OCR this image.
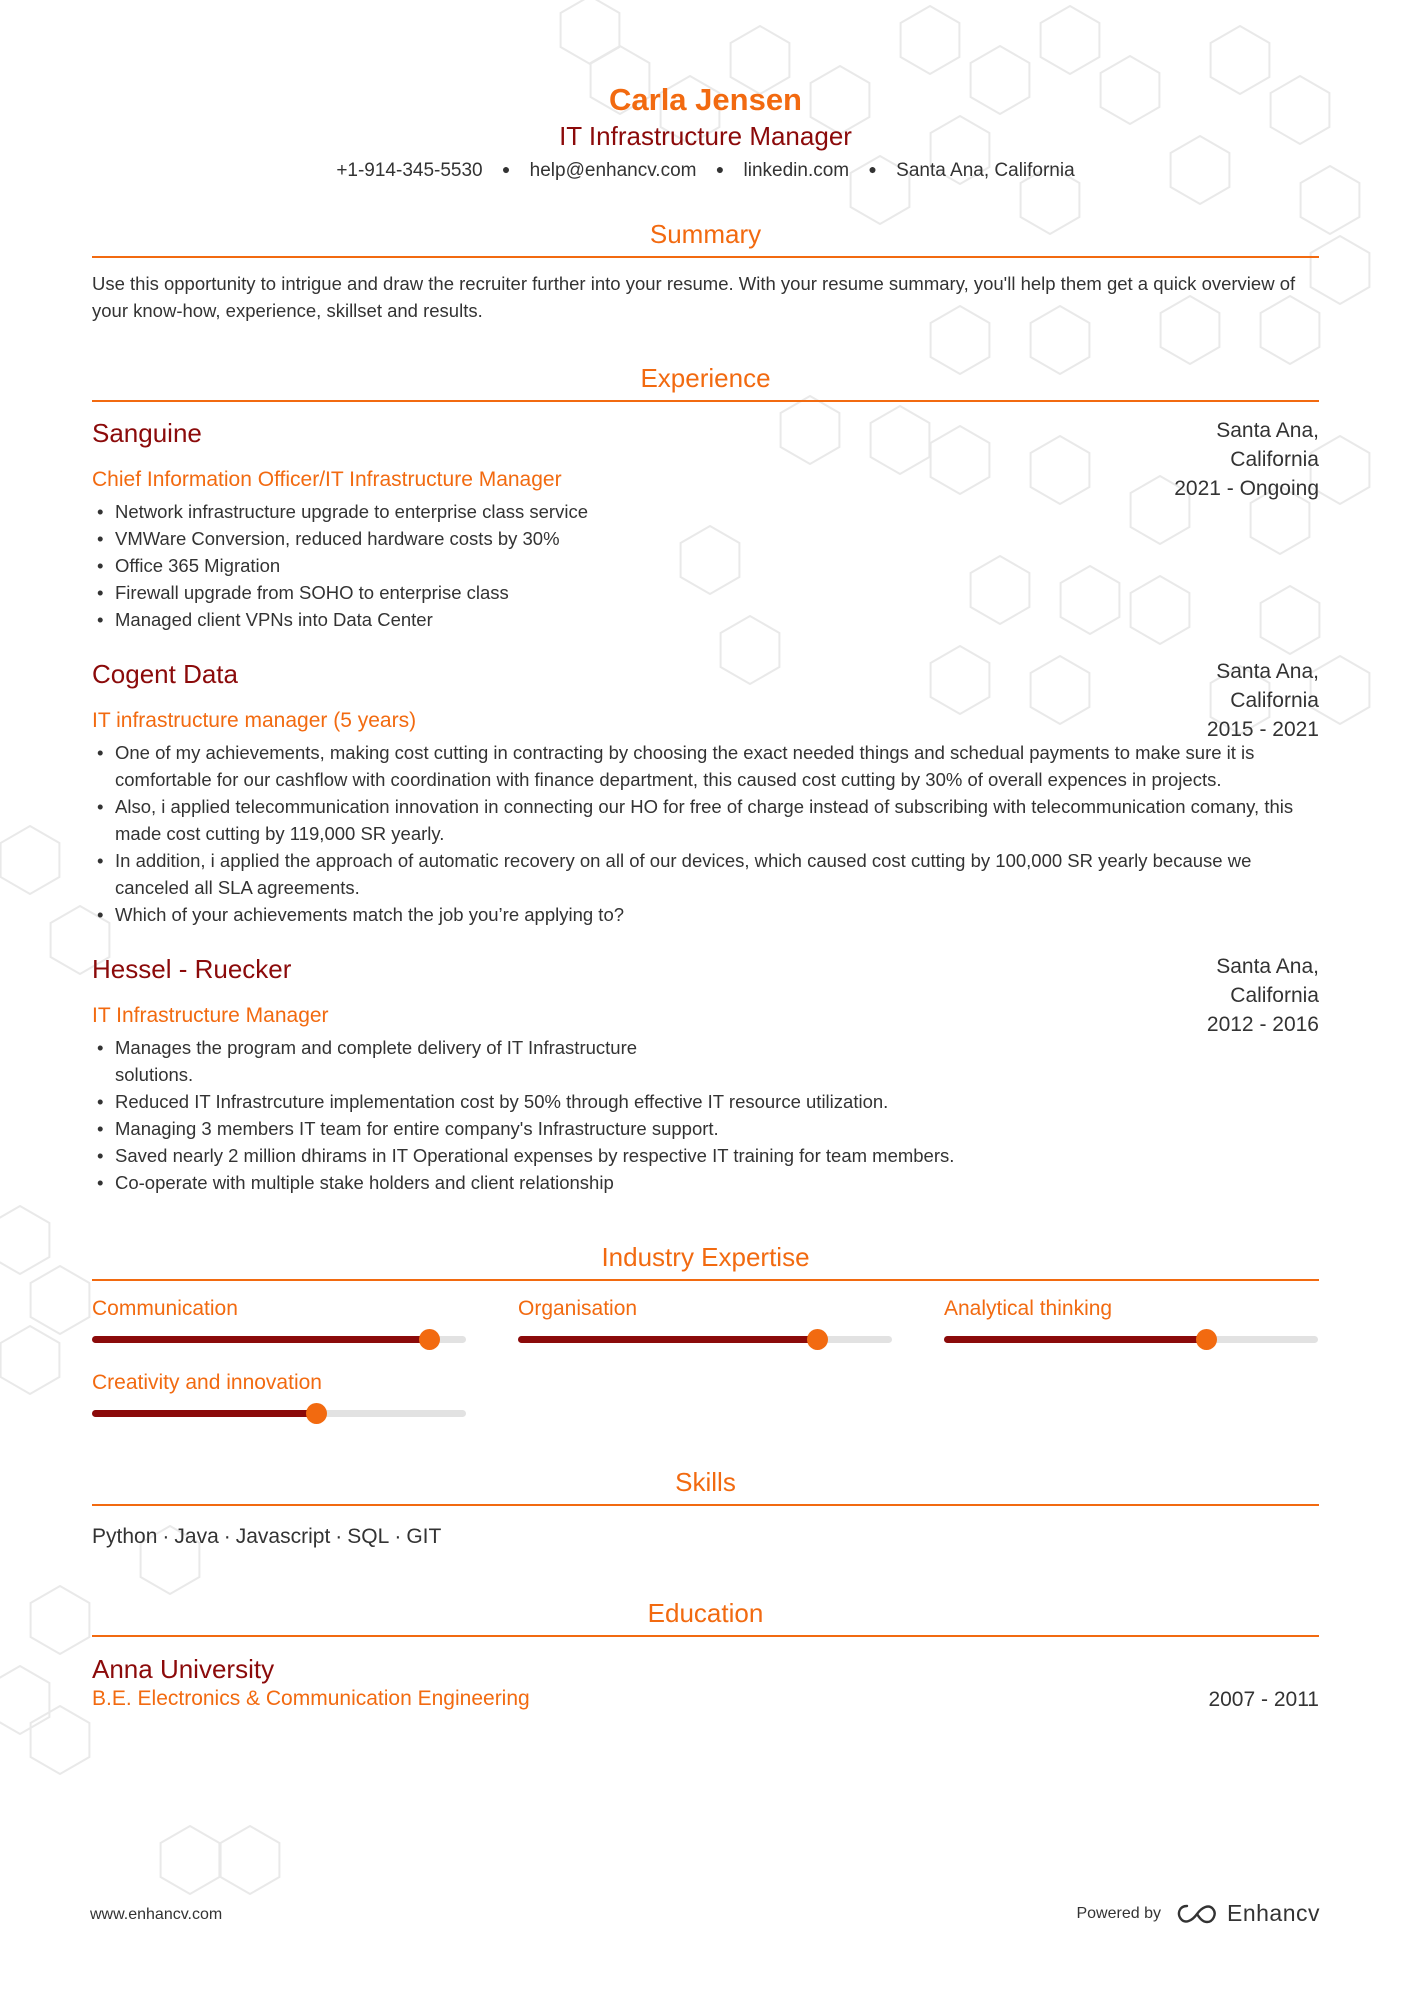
Carla Jensen
IT Infrastructure Manager
+1-914-345-5530 ● help@enhancv.com ● linkedin.com ● Santa Ana, California
Summary
Use this opportunity to intrigue and draw the recruiter further into your resume. With your resume summary, you'll help them get a quick overview of your know-how, experience, skillset and results.
Experience
Sanguine	Santa Ana, California
2021 - Ongoing
Chief Information Officer/IT Infrastructure Manager
• Network infrastructure upgrade to enterprise class service
• VMWare Conversion, reduced hardware costs by 30%
• Office 365 Migration
• Firewall upgrade from SOHO to enterprise class
• Managed client VPNs into Data Center
Cogent Data	Santa Ana, California
2015 - 2021
IT infrastructure manager (5 years)
• One of my achievements, making cost cutting in contracting by choosing the exact needed things and schedual payments to make sure it is comfortable for our cashflow with coordination with finance department, this caused cost cutting by 30% of overall expences in projects.
• Also, i applied telecommunication innovation in connecting our HO for free of charge instead of subscribing with telecommunication comany, this made cost cutting by 119,000 SR yearly.
• In addition, i applied the approach of automatic recovery on all of our devices, which caused cost cutting by 100,000 SR yearly because we canceled all SLA agreements.
• Which of your achievements match the job you’re applying to?
Hessel - Ruecker	Santa Ana, California
2012 - 2016
IT Infrastructure Manager
• Manages the program and complete delivery of IT Infrastructure solutions.
• Reduced IT Infrastrcuture implementation cost by 50% through effective IT resource utilization.
• Managing 3 members IT team for entire company's Infrastructure support.
• Saved nearly 2 million dhirams in IT Operational expenses by respective IT training for team members.
• Co-operate with multiple stake holders and client relationship
Industry Expertise
Communication	Organisation	Analytical thinking
Creativity and innovation
Skills
Python · Java · Javascript · SQL · GIT
Education
Anna University
B.E. Electronics & Communication Engineering	2007 - 2011
www.enhancv.com	Powered by	Enhancv
